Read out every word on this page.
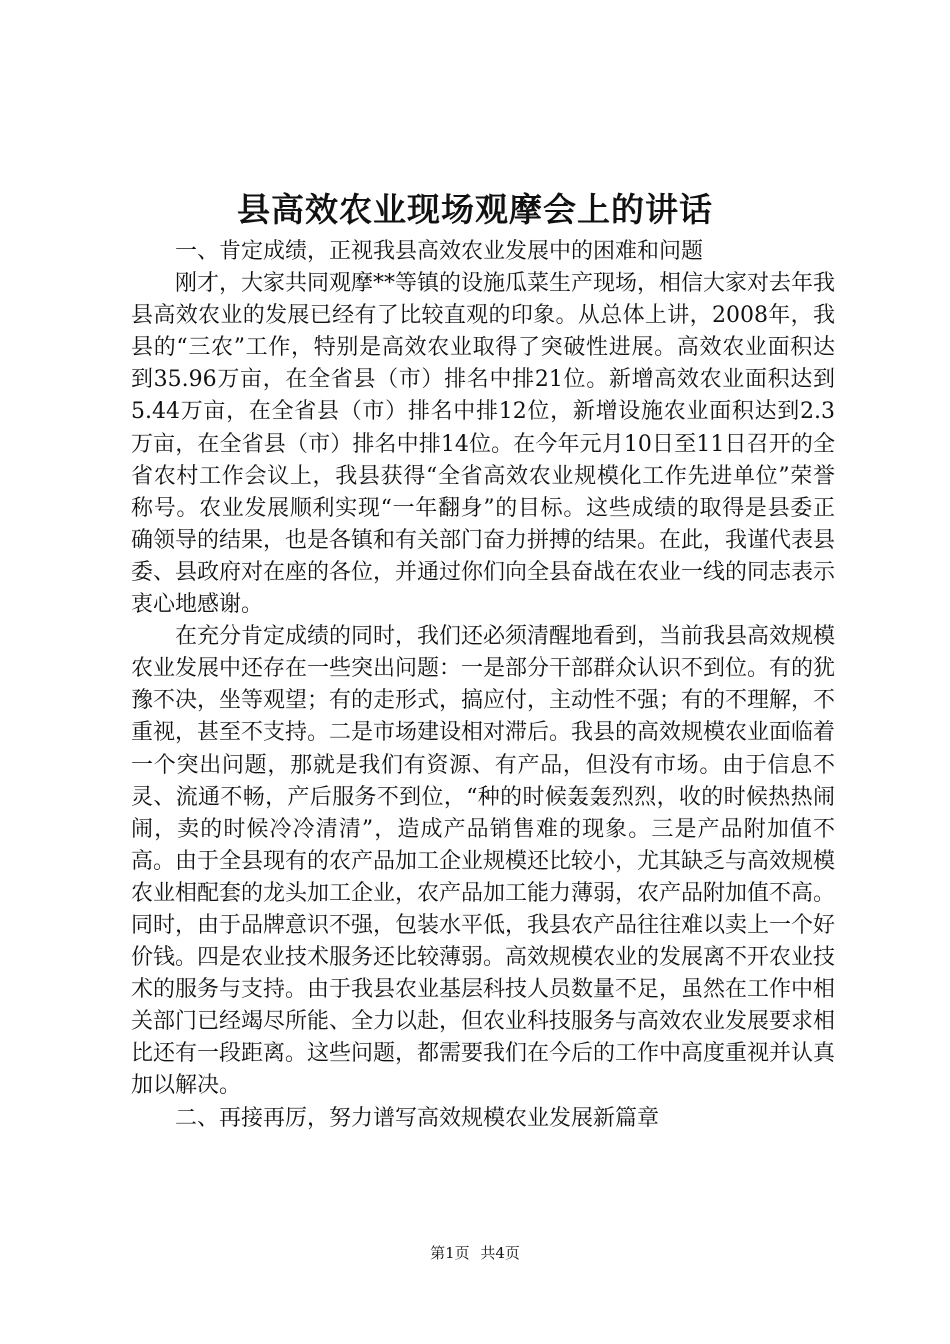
县高效农业现场观摩会上的讲话

一、肯定成绩，正视我县高效农业发展中的困难和问题

刚才，大家共同观摩**等镇的设施瓜菜生产现场，相信大家对去年我县高效农业的发展已经有了比较直观的印象。从总体上讲，2008年，我县的“三农”工作，特别是高效农业取得了突破性进展。高效农业面积达到35.96万亩，在全省县（市）排名中排21位。新增高效农业面积达到5.44万亩，在全省县（市）排名中排12位，新增设施农业面积达到2.3万亩，在全省县（市）排名中排14位。在今年元月10日至11日召开的全省农村工作会议上，我县获得“全省高效农业规模化工作先进单位”荣誉称号。农业发展顺利实现“一年翻身”的目标。这些成绩的取得是县委正确领导的结果，也是各镇和有关部门奋力拼搏的结果。在此，我谨代表县委、县政府对在座的各位，并通过你们向全县奋战在农业一线的同志表示衷心地感谢。

在充分肯定成绩的同时，我们还必须清醒地看到，当前我县高效规模农业发展中还存在一些突出问题：一是部分干部群众认识不到位。有的犹豫不决，坐等观望；有的走形式，搞应付，主动性不强；有的不理解，不重视，甚至不支持。二是市场建设相对滞后。我县的高效规模农业面临着一个突出问题，那就是我们有资源、有产品，但没有市场。由于信息不灵、流通不畅，产后服务不到位，“种的时候轰轰烈烈，收的时候热热闹闹，卖的时候冷冷清清”，造成产品销售难的现象。三是产品附加值不高。由于全县现有的农产品加工企业规模还比较小，尤其缺乏与高效规模农业相配套的龙头加工企业，农产品加工能力薄弱，农产品附加值不高。同时，由于品牌意识不强，包装水平低，我县农产品往往难以卖上一个好价钱。四是农业技术服务还比较薄弱。高效规模农业的发展离不开农业技术的服务与支持。由于我县农业基层科技人员数量不足，虽然在工作中相关部门已经竭尽所能、全力以赴，但农业科技服务与高效农业发展要求相比还有一段距离。这些问题，都需要我们在今后的工作中高度重视并认真加以解决。

二、再接再厉，努力谱写高效规模农业发展新篇章

第1页 共4页
